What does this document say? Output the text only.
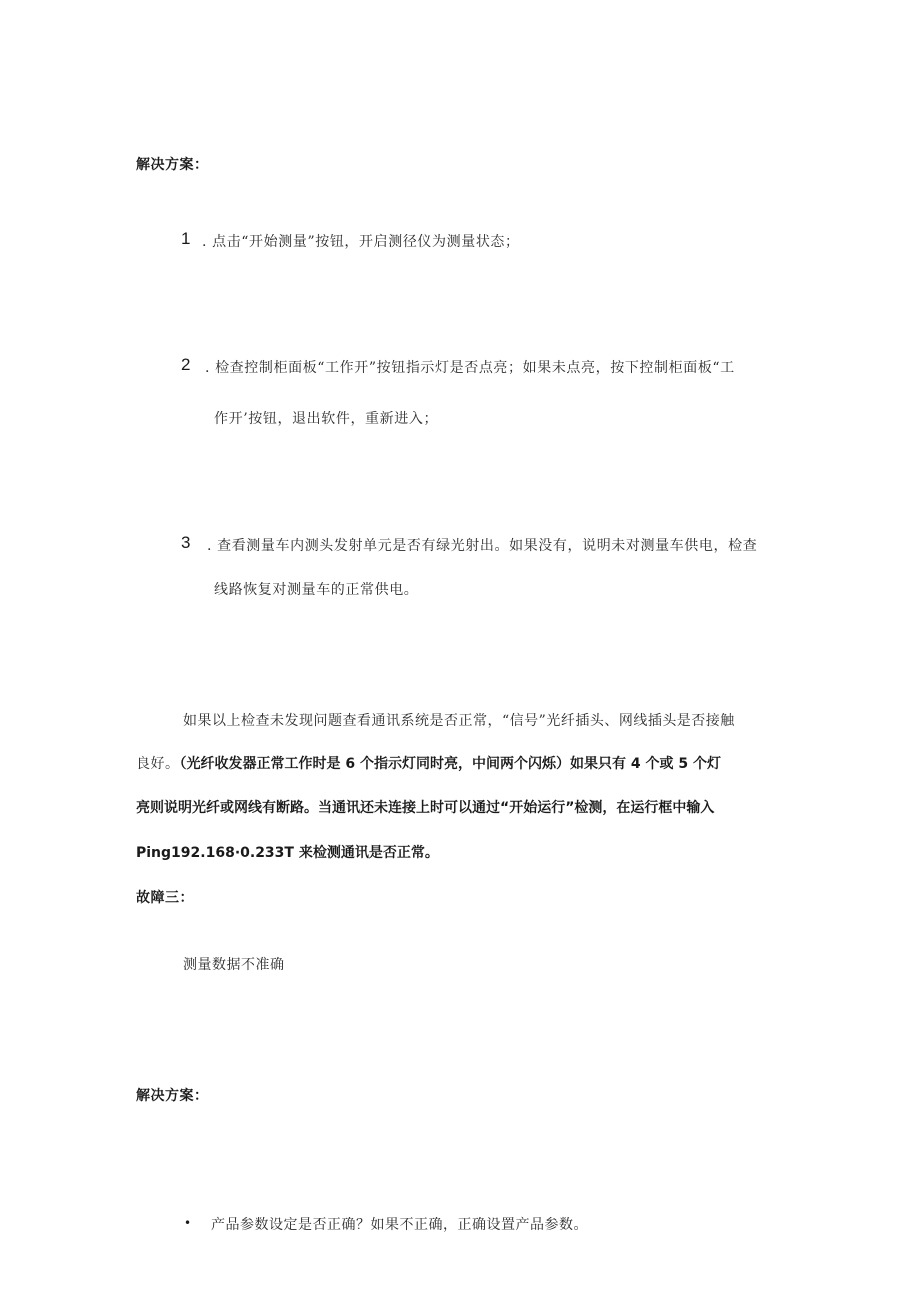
解决方案：
1 . 点击“开始测量”按钮，开启测径仪为测量状态；
2 . 检查控制柜面板“工作开”按钮指示灯是否点亮；如果未点亮，按下控制柜面板“工
作开’按钮，退出软件，重新进入；
3 . 查看测量车内测头发射单元是否有绿光射出。如果没有，说明未对测量车供电，检查
线路恢复对测量车的正常供电。
如果以上检查未发现问题查看通讯系统是否正常，“信号”光纤插头、网线插头是否接触
良好。（光纤收发器正常工作时是 6 个指示灯同时亮，中间两个闪烁）如果只有 4 个或 5 个灯
亮则说明光纤或网线有断路。当通讯还未连接上时可以通过“开始运行”检测，在运行框中输入
Ping192.168·0.233T 来检测通讯是否正常。
故障三：
测量数据不准确
解决方案：
• 产品参数设定是否正确？如果不正确，正确设置产品参数。
